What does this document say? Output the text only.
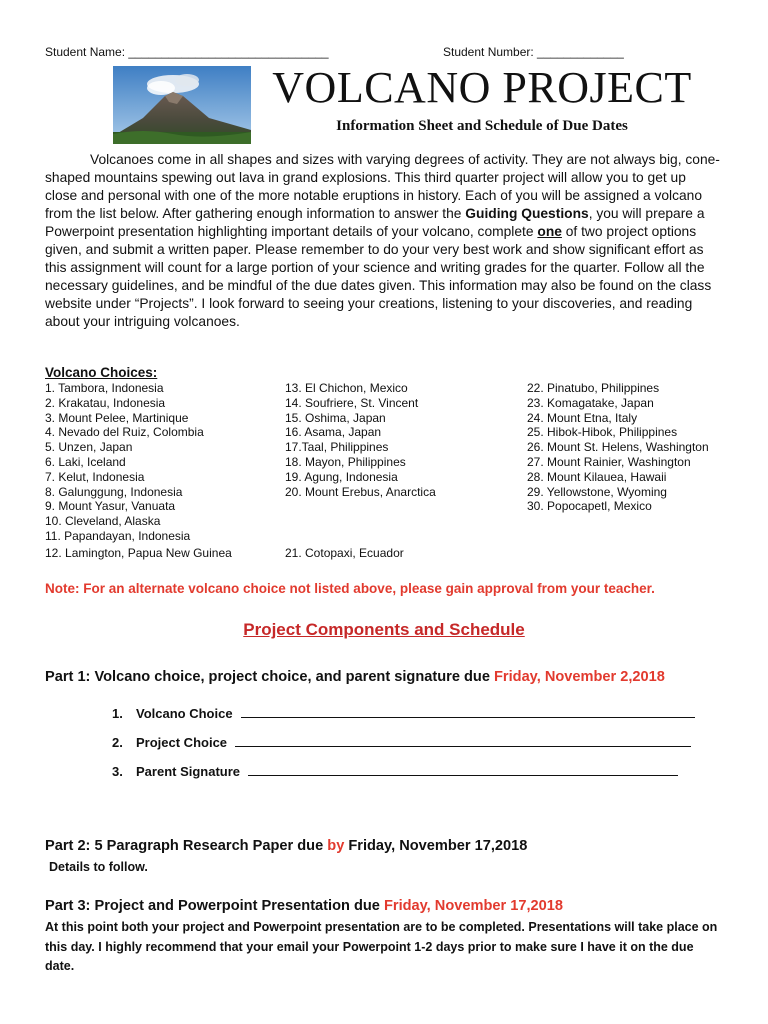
Student Name: ______________________________	Student Number: _____________
VOLCANO PROJECT
Information Sheet and Schedule of Due Dates

Volcanoes come in all shapes and sizes with varying degrees of activity. They are not always big, cone-shaped mountains spewing out lava in grand explosions. This third quarter project will allow you to get up close and personal with one of the more notable eruptions in history. Each of you will be assigned a volcano from the list below. After gathering enough information to answer the Guiding Questions, you will prepare a Powerpoint presentation highlighting important details of your volcano, complete one of two project options given, and submit a written paper. Please remember to do your very best work and show significant effort as this assignment will count for a large portion of your science and writing grades for the quarter. Follow all the necessary guidelines, and be mindful of the due dates given. This information may also be found on the class website under “Projects”. I look forward to seeing your creations, listening to your discoveries, and reading about your intriguing volcanoes.

Volcano Choices:
1. Tambora, Indonesia
2. Krakatau, Indonesia
3. Mount Pelee, Martinique
4. Nevado del Ruiz, Colombia
5. Unzen, Japan
6. Laki, Iceland
7. Kelut, Indonesia
8. Galunggung, Indonesia
9. Mount Yasur, Vanuata
10. Cleveland, Alaska
11. Papandayan, Indonesia
13. El Chichon, Mexico
14. Soufriere, St. Vincent
15. Oshima, Japan
16. Asama, Japan
17.Taal, Philippines
18. Mayon, Philippines
19. Agung, Indonesia
20. Mount Erebus, Anarctica
22. Pinatubo, Philippines
23. Komagatake, Japan
24. Mount Etna, Italy
25. Hibok-Hibok, Philippines
26. Mount St. Helens, Washington
27. Mount Rainier, Washington
28. Mount Kilauea, Hawaii
29. Yellowstone, Wyoming
30. Popocapetl, Mexico
12. Lamington, Papua New Guinea	21. Cotopaxi, Ecuador
Note: For an alternate volcano choice not listed above, please gain approval from your teacher.
Project Components and Schedule
Part 1: Volcano choice, project choice, and parent signature due Friday, November 2,2018
1. Volcano Choice
2. Project Choice
3. Parent Signature
Part 2: 5 Paragraph Research Paper due by Friday, November 17,2018

Details to follow.

Part 3: Project and Powerpoint Presentation due Friday, November 17,2018

At this point both your project and Powerpoint presentation are to be completed. Presentations will take place on this day. I highly recommend that your email your Powerpoint 1-2 days prior to make sure I have it on the due date.
